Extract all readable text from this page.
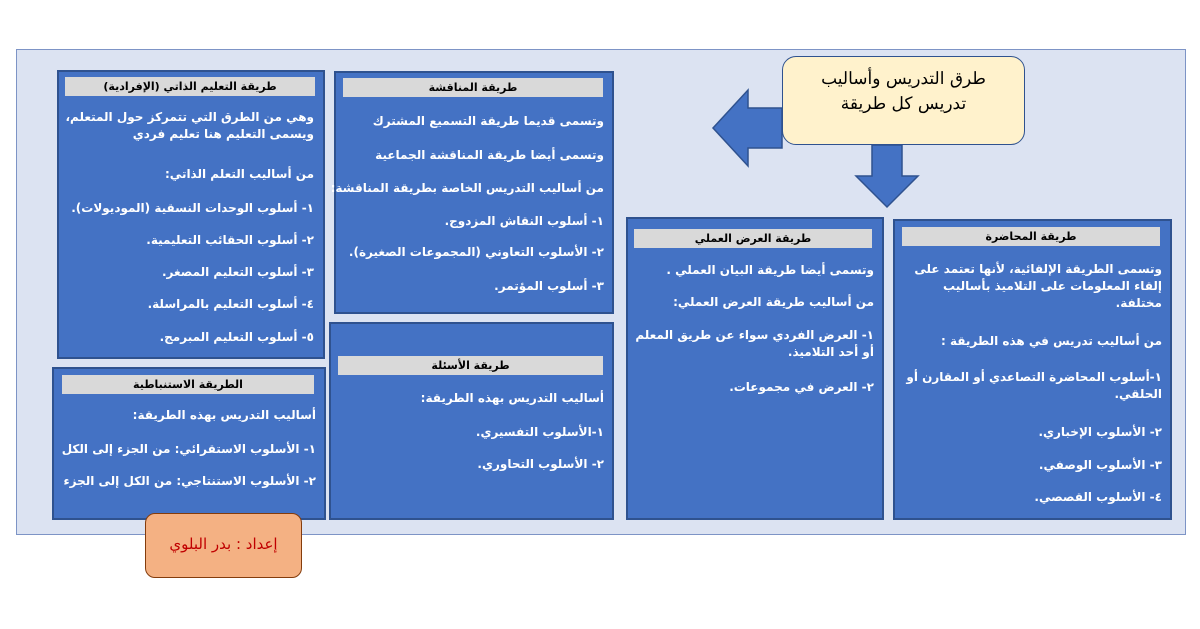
طرق التدريس وأساليب
تدريس كل طريقة
طريقة التعليم الذاتي (الإفرادية)
وهي من الطرق التي تتمركز حول المتعلم،
ويسمى التعليم هنا تعليم فردي
من أساليب التعلم الذاتي:
١- أسلوب الوحدات النسقية (الموديولات).
٢- أسلوب الحقائب التعليمية.
٣- أسلوب التعليم المصغر.
٤- أسلوب التعليم بالمراسلة.
٥- أسلوب التعليم المبرمج.
طريقة المناقشة
وتسمى قديما طريقة التسميع المشترك
وتسمى أيضا طريقة المناقشة الجماعية
من أساليب التدريس الخاصة بطريقة المناقشة:
١- أسلوب النقاش المزدوج.
٢- الأسلوب التعاوني (المجموعات الصغيرة).
٣- أسلوب المؤتمر.
طريقة العرض العملي
وتسمى أيضا طريقة البيان العملي .
من أساليب طريقة العرض العملي:
١- العرض الفردي سواء عن طريق المعلم
أو أحد التلاميذ.
٢- العرض في مجموعات.
طريقة المحاضرة
وتسمى الطريقة الإلقائية، لأنها تعتمد على
إلقاء المعلومات على التلاميذ بأساليب
مختلفة.
من أساليب تدريس في هذه الطريقة :
١-أسلوب المحاضرة التصاعدي أو المقارن أو
الحلقي.
٢- الأسلوب الإخباري.
٣- الأسلوب الوصفي.
٤- الأسلوب القصصي.
الطريقة الاستنباطية
أساليب التدريس بهذه الطريقة:
١- الأسلوب الاستقرائي: من الجزء إلى الكل
٢- الأسلوب الاستنتاجي: من الكل إلى الجزء
طريقة الأسئلة
أساليب التدريس بهذه الطريقة:
١-الأسلوب التفسيري.
٢- الأسلوب التحاوري.
إعداد : بدر البلوي
